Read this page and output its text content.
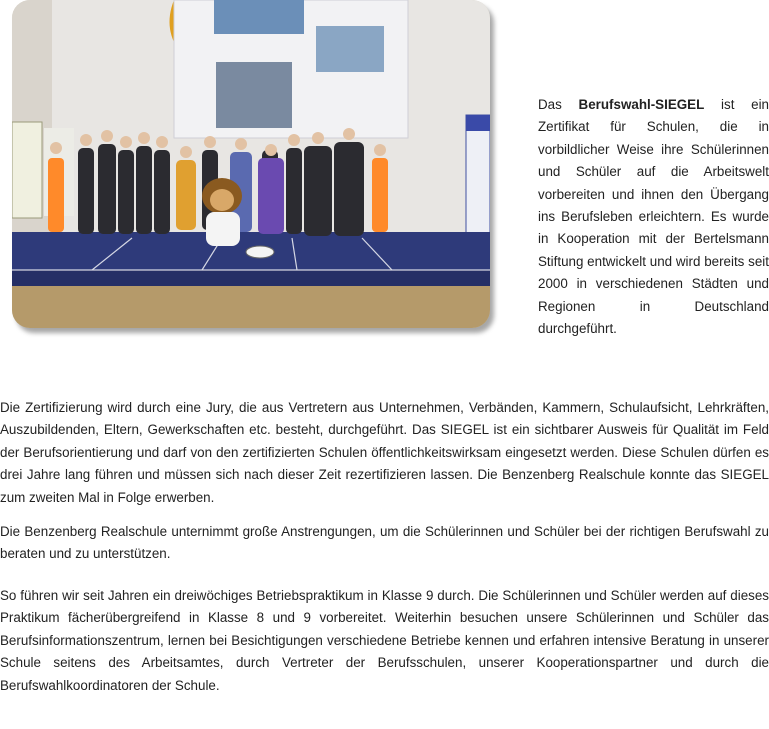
Das Berufswahl-SIEGEL ist ein Zertifikat für Schulen, die in vorbildlicher Weise ihre Schülerinnen und Schüler auf die Arbeitswelt vorbereiten und ihnen den Übergang ins Berufsleben erleichtern. Es wurde in Kooperation mit der Bertelsmann Stiftung entwickelt und wird bereits seit 2000 in verschiedenen Städten und Regionen in Deutschland durchgeführt.

Die Zertifizierung wird durch eine Jury, die aus Vertretern aus Unternehmen, Verbänden, Kammern, Schulaufsicht, Lehrkräften, Auszubildenden, Eltern, Gewerkschaften etc. besteht, durchgeführt. Das SIEGEL ist ein sichtbarer Ausweis für Qualität im Feld der Berufsorientierung und darf von den zertifizierten Schulen öffentlichkeitswirksam eingesetzt werden. Diese Schulen dürfen es drei Jahre lang führen und müssen sich nach dieser Zeit rezertifizieren lassen. Die Benzenberg Realschule konnte das SIEGEL zum zweiten Mal in Folge erwerben.

Die Benzenberg Realschule unternimmt große Anstrengungen, um die Schülerinnen und Schüler bei der richtigen Berufswahl zu beraten und zu unterstützen.

So führen wir seit Jahren ein dreiwöchiges Betriebspraktikum in Klasse 9 durch. Die Schülerinnen und Schüler werden auf dieses Praktikum fächerübergreifend in Klasse 8 und 9 vorbereitet. Weiterhin besuchen unsere Schülerinnen und Schüler das Berufsinformationszentrum, lernen bei Besichtigungen verschiedene Betriebe kennen und erfahren intensive Beratung in unserer Schule seitens des Arbeitsamtes, durch Vertreter der Berufsschulen, unserer Kooperationspartner und durch die Berufswahlkoordinatoren der Schule.
